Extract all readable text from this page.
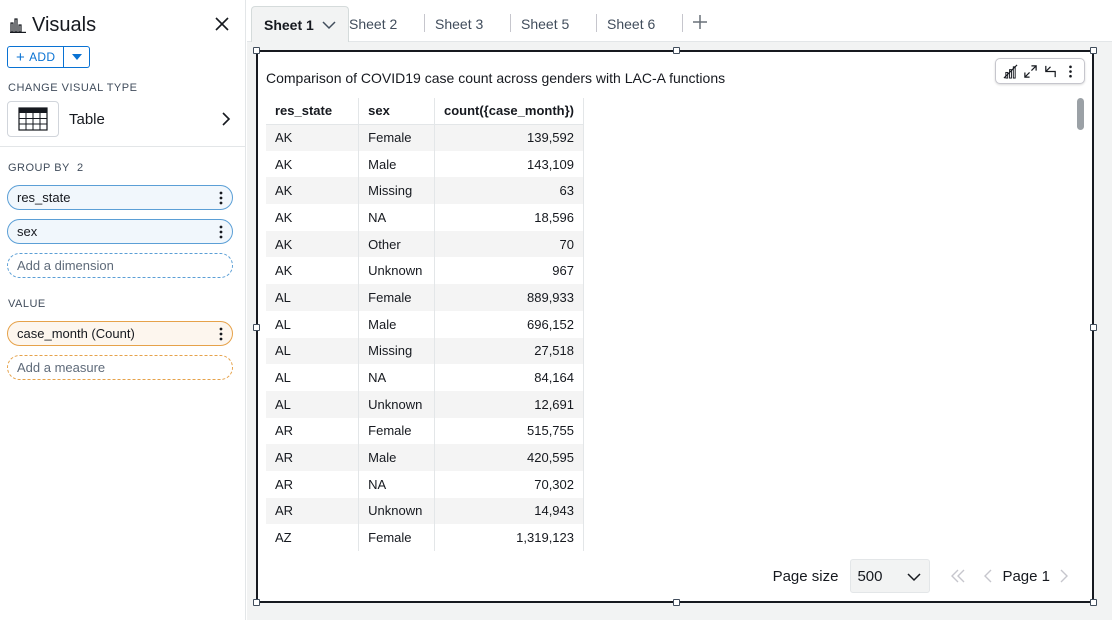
Visuals
+ ADD
CHANGE VISUAL TYPE
Table
GROUP BY 2
res_state
sex
Add a dimension
VALUE
case_month (Count)
Add a measure
Sheet 1	Sheet 2	Sheet 3	Sheet 5	Sheet 6
Comparison of COVID19 case count across genders with LAC-A functions
res_state	sex	count({case_month})
AK	Female	139,592
AK	Male	143,109
AK	Missing	63
AK	NA	18,596
AK	Other	70
AK	Unknown	967
AL	Female	889,933
AL	Male	696,152
AL	Missing	27,518
AL	NA	84,164
AL	Unknown	12,691
AR	Female	515,755
AR	Male	420,595
AR	NA	70,302
AR	Unknown	14,943
AZ	Female	1,319,123
Page size 500	Page 1
